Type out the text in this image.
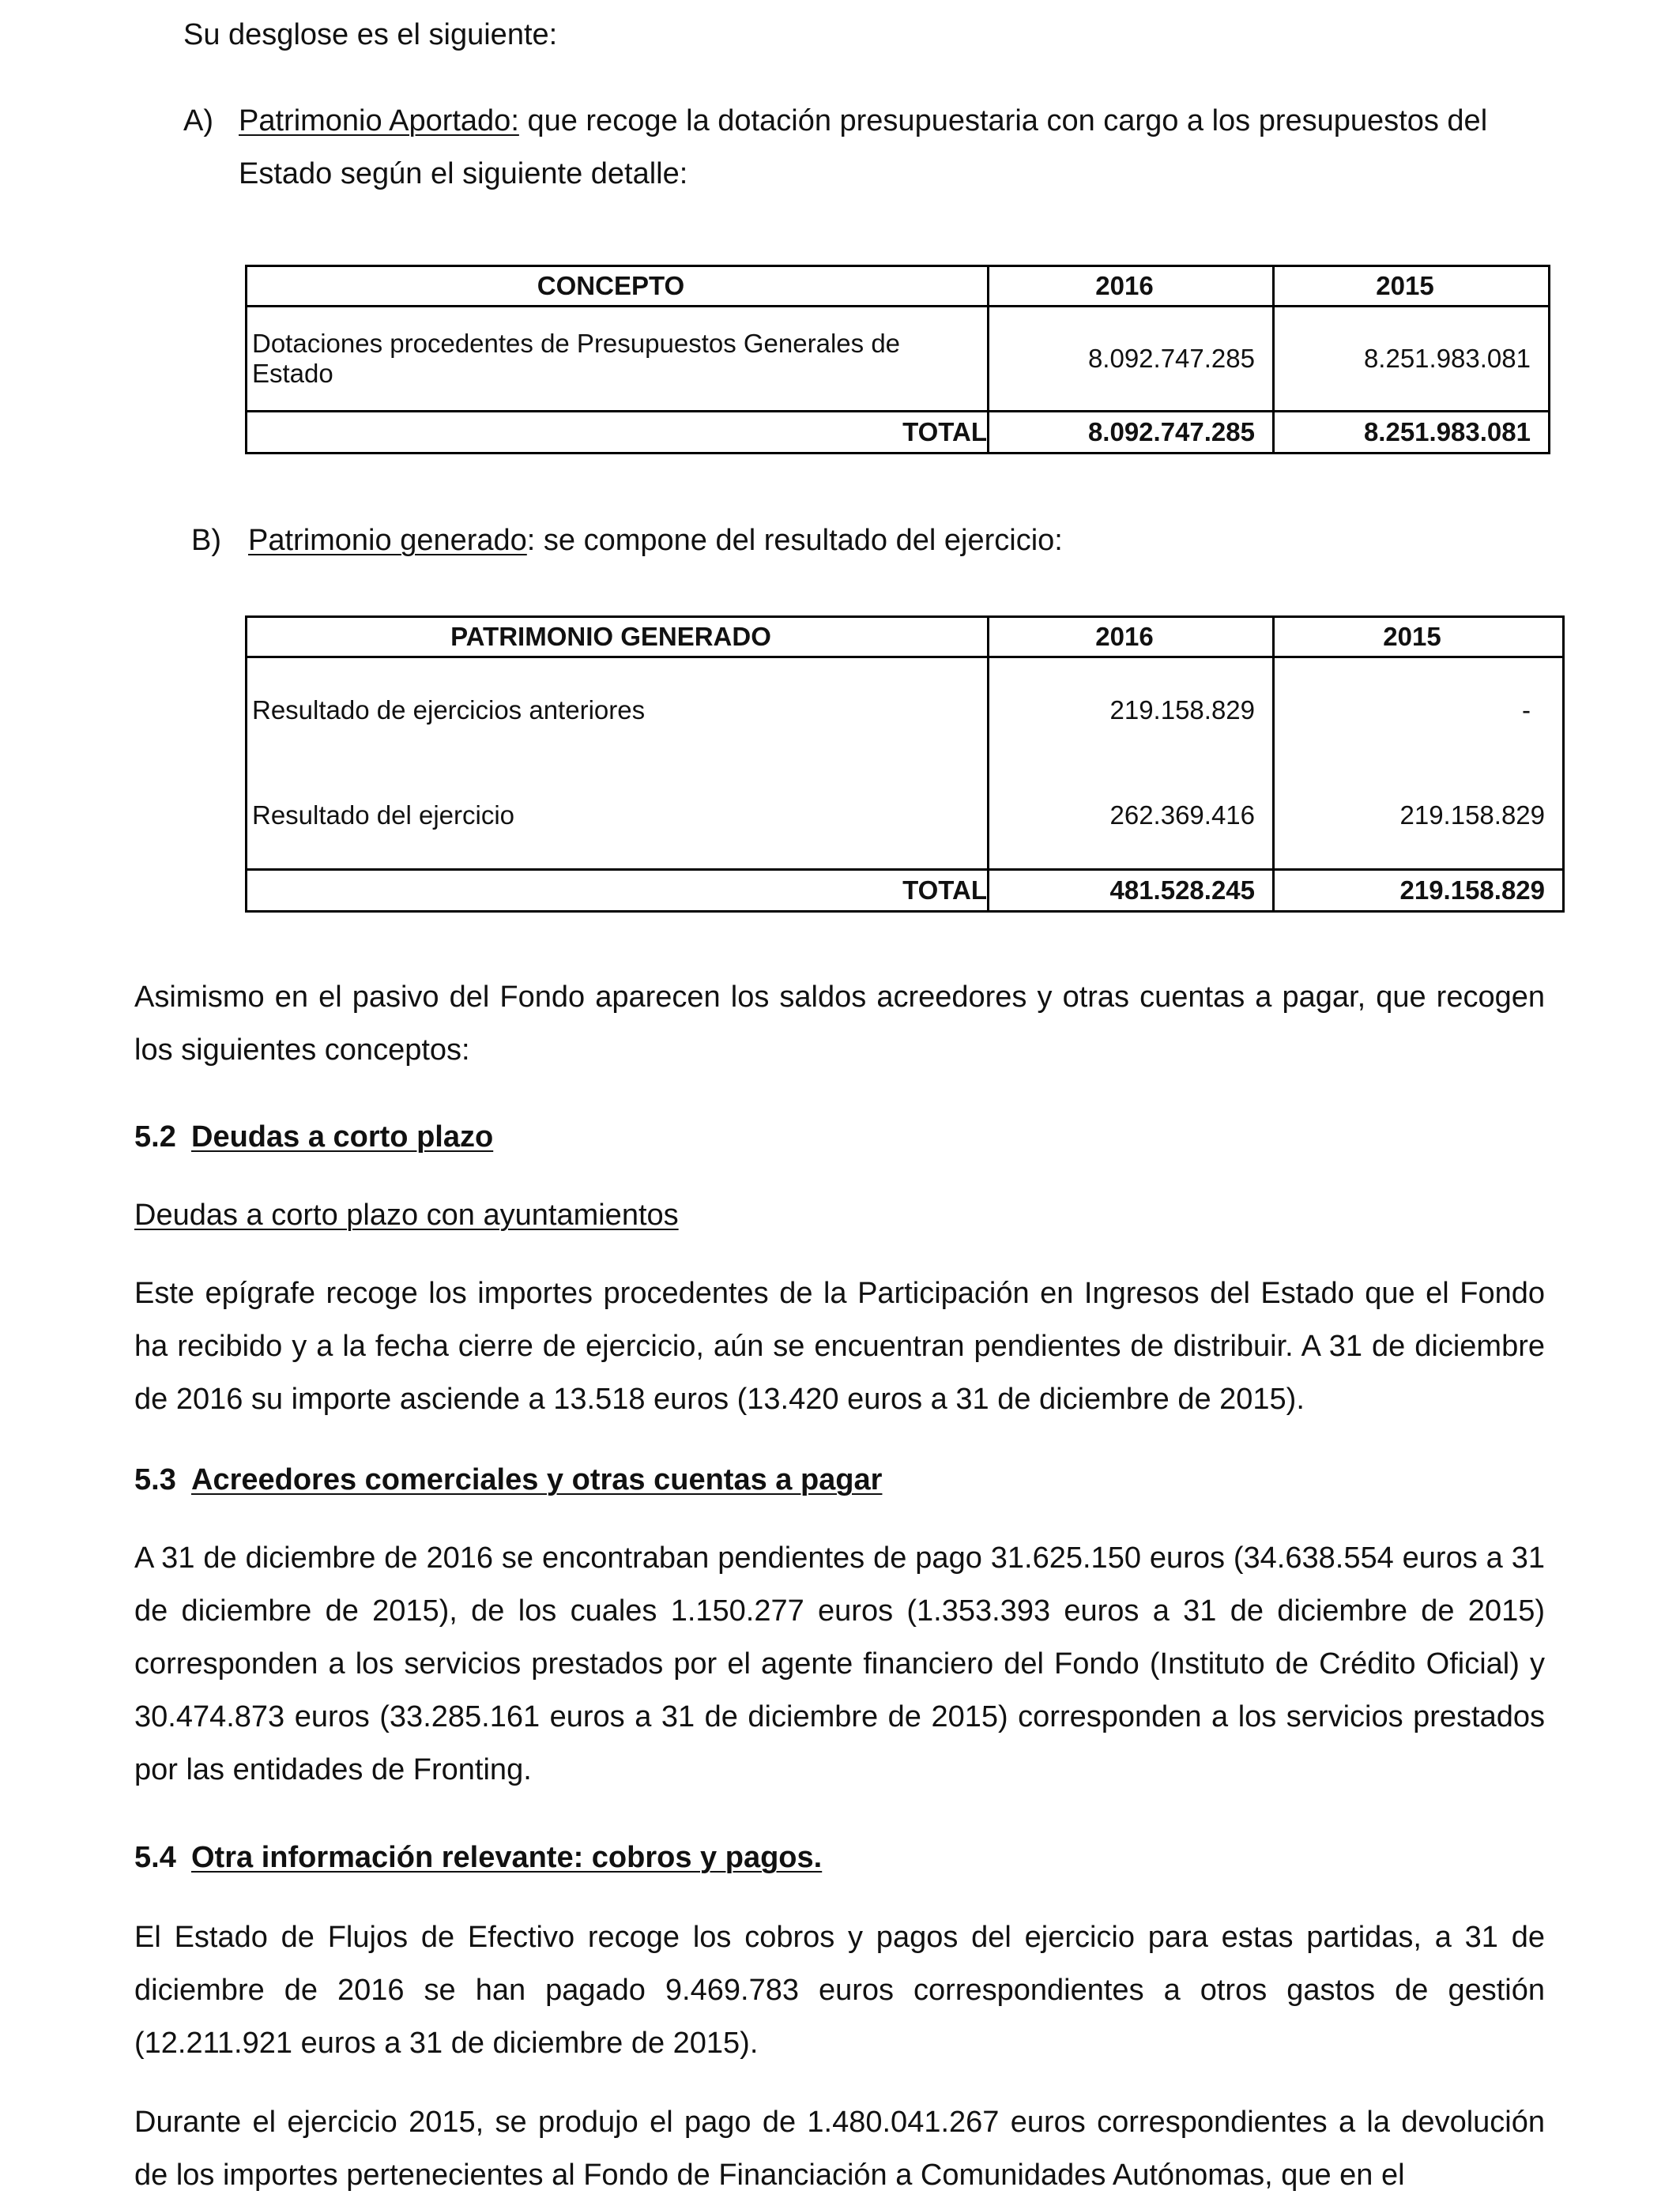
Su desglose es el siguiente:

A) Patrimonio Aportado: que recoge la dotación presupuestaria con cargo a los presupuestos del

Estado según el siguiente detalle:

CONCEPTO	2016	2015
Dotaciones procedentes de Presupuestos Generales de Estado	8.092.747.285	8.251.983.081
TOTAL	8.092.747.285	8.251.983.081

B) Patrimonio generado: se compone del resultado del ejercicio:

PATRIMONIO GENERADO	2016	2015
Resultado de ejercicios anteriores	219.158.829	-
Resultado del ejercicio	262.369.416	219.158.829
TOTAL	481.528.245	219.158.829

Asimismo en el pasivo del Fondo aparecen los saldos acreedores y otras cuentas a pagar, que recogen los siguientes conceptos:

5.2 Deudas a corto plazo

Deudas a corto plazo con ayuntamientos

Este epígrafe recoge los importes procedentes de la Participación en Ingresos del Estado que el Fondo ha recibido y a la fecha cierre de ejercicio, aún se encuentran pendientes de distribuir. A 31 de diciembre de 2016 su importe asciende a 13.518 euros (13.420 euros a 31 de diciembre de 2015).

5.3 Acreedores comerciales y otras cuentas a pagar

A 31 de diciembre de 2016 se encontraban pendientes de pago 31.625.150 euros (34.638.554 euros a 31 de diciembre de 2015), de los cuales 1.150.277 euros (1.353.393 euros a 31 de diciembre de 2015) corresponden a los servicios prestados por el agente financiero del Fondo (Instituto de Crédito Oficial) y 30.474.873 euros (33.285.161 euros a 31 de diciembre de 2015) corresponden a los servicios prestados por las entidades de Fronting.

5.4 Otra información relevante: cobros y pagos.

El Estado de Flujos de Efectivo recoge los cobros y pagos del ejercicio para estas partidas, a 31 de diciembre de 2016 se han pagado 9.469.783 euros correspondientes a otros gastos de gestión (12.211.921 euros a 31 de diciembre de 2015).

Durante el ejercicio 2015, se produjo el pago de 1.480.041.267 euros correspondientes a la devolución de los importes pertenecientes al Fondo de Financiación a Comunidades Autónomas, que en el
